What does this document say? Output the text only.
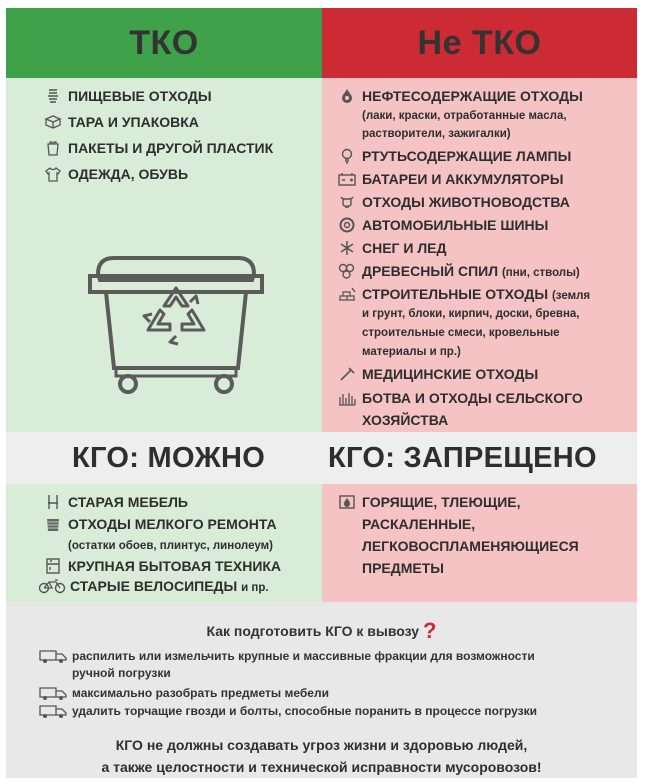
ТКО	Не ТКО
ПИЩЕВЫЕ ОТХОДЫ
ТАРА И УПАКОВКА
ПАКЕТЫ И ДРУГОЙ ПЛАСТИК
ОДЕЖДА, ОБУВЬ
НЕФТЕСОДЕРЖАЩИЕ ОТХОДЫ
(лаки, краски, отработанные масла,
растворители, зажигалки)
РТУТЬСОДЕРЖАЩИЕ ЛАМПЫ
БАТАРЕИ И АККУМУЛЯТОРЫ
ОТХОДЫ ЖИВОТНОВОДСТВА
АВТОМОБИЛЬНЫЕ ШИНЫ
СНЕГ И ЛЕД
ДРЕВЕСНЫЙ СПИЛ (пни, стволы)
СТРОИТЕЛЬНЫЕ ОТХОДЫ (земля
и грунт, блоки, кирпич, доски, бревна,
строительные смеси, кровельные
материалы и пр.)
МЕДИЦИНСКИЕ ОТХОДЫ
БОТВА И ОТХОДЫ СЕЛЬСКОГО
ХОЗЯЙСТВА
КГО: МОЖНО КГО: ЗАПРЕЩЕНО
СТАРАЯ МЕБЕЛЬ
ОТХОДЫ МЕЛКОГО РЕМОНТА
(остатки обоев, плинтус, линолеум)
КРУПНАЯ БЫТОВАЯ ТЕХНИКА
СТАРЫЕ ВЕЛОСИПЕДЫ и пр.
ГОРЯЩИЕ, ТЛЕЮЩИЕ,
РАСКАЛЕННЫЕ,
ЛЕГКОВОСПЛАМЕНЯЮЩИЕСЯ
ПРЕДМЕТЫ
Как подготовить КГО к вывозу ?
распилить или измельчить крупные и массивные фракции для возможности
ручной погрузки
максимально разобрать предметы мебели
удалить торчащие гвозди и болты, способные поранить в процессе погрузки
КГО не должны создавать угроз жизни и здоровью людей,
а также целостности и технической исправности мусоровозов!
